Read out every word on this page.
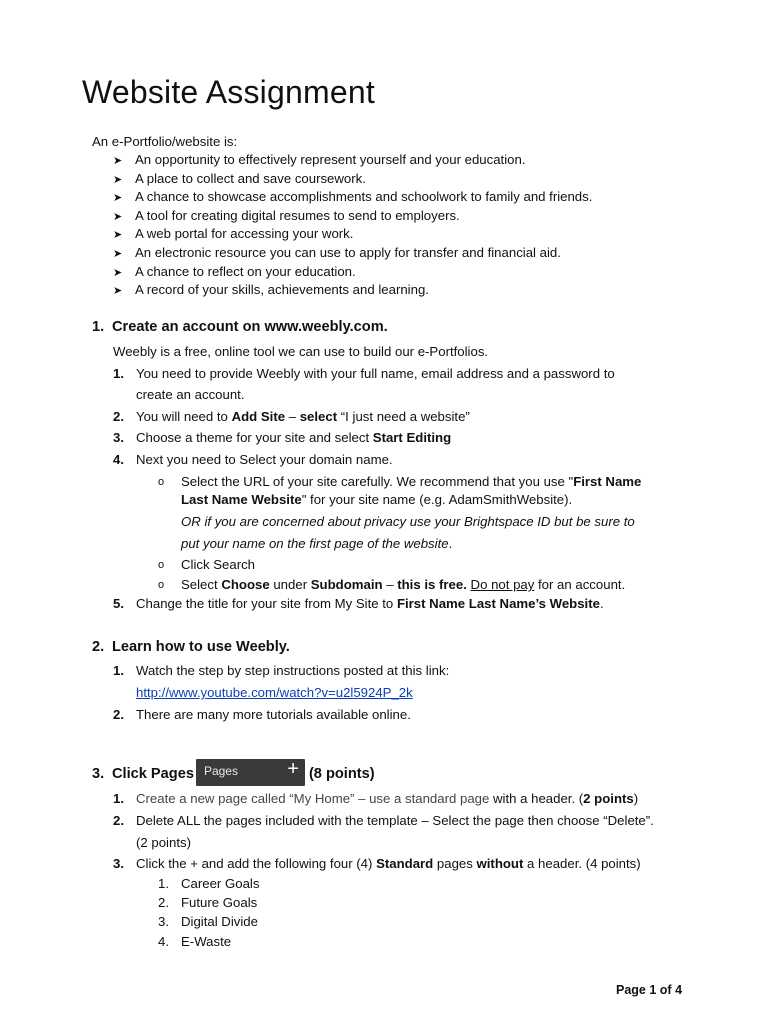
Website Assignment
An e-Portfolio/website is:
➤ An opportunity to effectively represent yourself and your education.
➤ A place to collect and save coursework.
➤ A chance to showcase accomplishments and schoolwork to family and friends.
➤ A tool for creating digital resumes to send to employers.
➤ A web portal for accessing your work.
➤ An electronic resource you can use to apply for transfer and financial aid.
➤ A chance to reflect on your education.
➤ A record of your skills, achievements and learning.
1. Create an account on www.weebly.com.
Weebly is a free, online tool we can use to build our e-Portfolios.
1. You need to provide Weebly with your full name, email address and a password to
create an account.
2. You will need to Add Site – select “I just need a website”
3. Choose a theme for your site and select Start Editing
4. Next you need to Select your domain name.
o Select the URL of your site carefully. We recommend that you use "First Name
Last Name Website" for your site name (e.g. AdamSmithWebsite).
OR if you are concerned about privacy use your Brightspace ID but be sure to
put your name on the first page of the website.
o Click Search
o Select Choose under Subdomain – this is free. Do not pay for an account.
5. Change the title for your site from My Site to First Name Last Name’s Website.
2. Learn how to use Weebly.
1. Watch the step by step instructions posted at this link:
http://www.youtube.com/watch?v=u2l5924P_2k
2. There are many more tutorials available online.
3. Click Pages Pages + (8 points)
1. Create a new page called “My Home” – use a standard page with a header. (2 points)
2. Delete ALL the pages included with the template – Select the page then choose “Delete”.
(2 points)
3. Click the + and add the following four (4) Standard pages without a header. (4 points)
1. Career Goals
2. Future Goals
3. Digital Divide
4. E-Waste
Page 1 of 4
